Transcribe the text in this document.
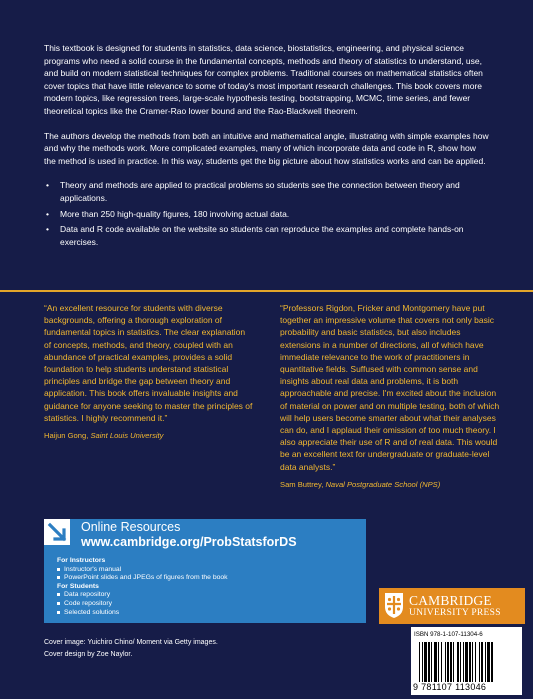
This textbook is designed for students in statistics, data science, biostatistics, engineering, and physical science programs who need a solid course in the fundamental concepts, methods and theory of statistics to understand, use, and build on modern statistical techniques for complex problems. Traditional courses on mathematical statistics often cover topics that have little relevance to some of today's most important research challenges. This book covers more modern topics, like regression trees, large-scale hypothesis testing, bootstrapping, MCMC, time series, and fewer theoretical topics like the Cramer-Rao lower bound and the Rao-Blackwell theorem.

The authors develop the methods from both an intuitive and mathematical angle, illustrating with simple examples how and why the methods work. More complicated examples, many of which incorporate data and code in R, show how the method is used in practice. In this way, students get the big picture about how statistics works and can be applied.

• Theory and methods are applied to practical problems so students see the connection between theory and applications.
• More than 250 high-quality figures, 180 involving actual data.
• Data and R code available on the website so students can reproduce the examples and complete hands-on exercises.

“An excellent resource for students with diverse backgrounds, offering a thorough exploration of fundamental topics in statistics. The clear explanation of concepts, methods, and theory, coupled with an abundance of practical examples, provides a solid foundation to help students understand statistical principles and bridge the gap between theory and application. This book offers invaluable insights and guidance for anyone seeking to master the principles of statistics. I highly recommend it.”

Haijun Gong, Saint Louis University

“Professors Rigdon, Fricker and Montgomery have put together an impressive volume that covers not only basic probability and basic statistics, but also includes extensions in a number of directions, all of which have immediate relevance to the work of practitioners in quantitative fields. Suffused with common sense and insights about real data and problems, it is both approachable and precise. I'm excited about the inclusion of material on power and on multiple testing, both of which will help users become smarter about what their analyses can do, and I applaud their omission of too much theory. I also appreciate their use of R and of real data. This would be an excellent text for undergraduate or graduate-level data analysts.”

Sam Buttrey, Naval Postgraduate School (NPS)
Online Resources
www.cambridge.org/ProbStatsforDS
For Instructors
Instructor's manual
PowerPoint slides and JPEGs of figures from the book
For Students
Data repository
Code repository
Selected solutions
Cover image: Yuichiro Chino/ Moment via Getty images.
Cover design by Zoe Naylor.
CAMBRIDGE
UNIVERSITY PRESS
ISBN 978-1-107-11304-6
9 781107 113046
